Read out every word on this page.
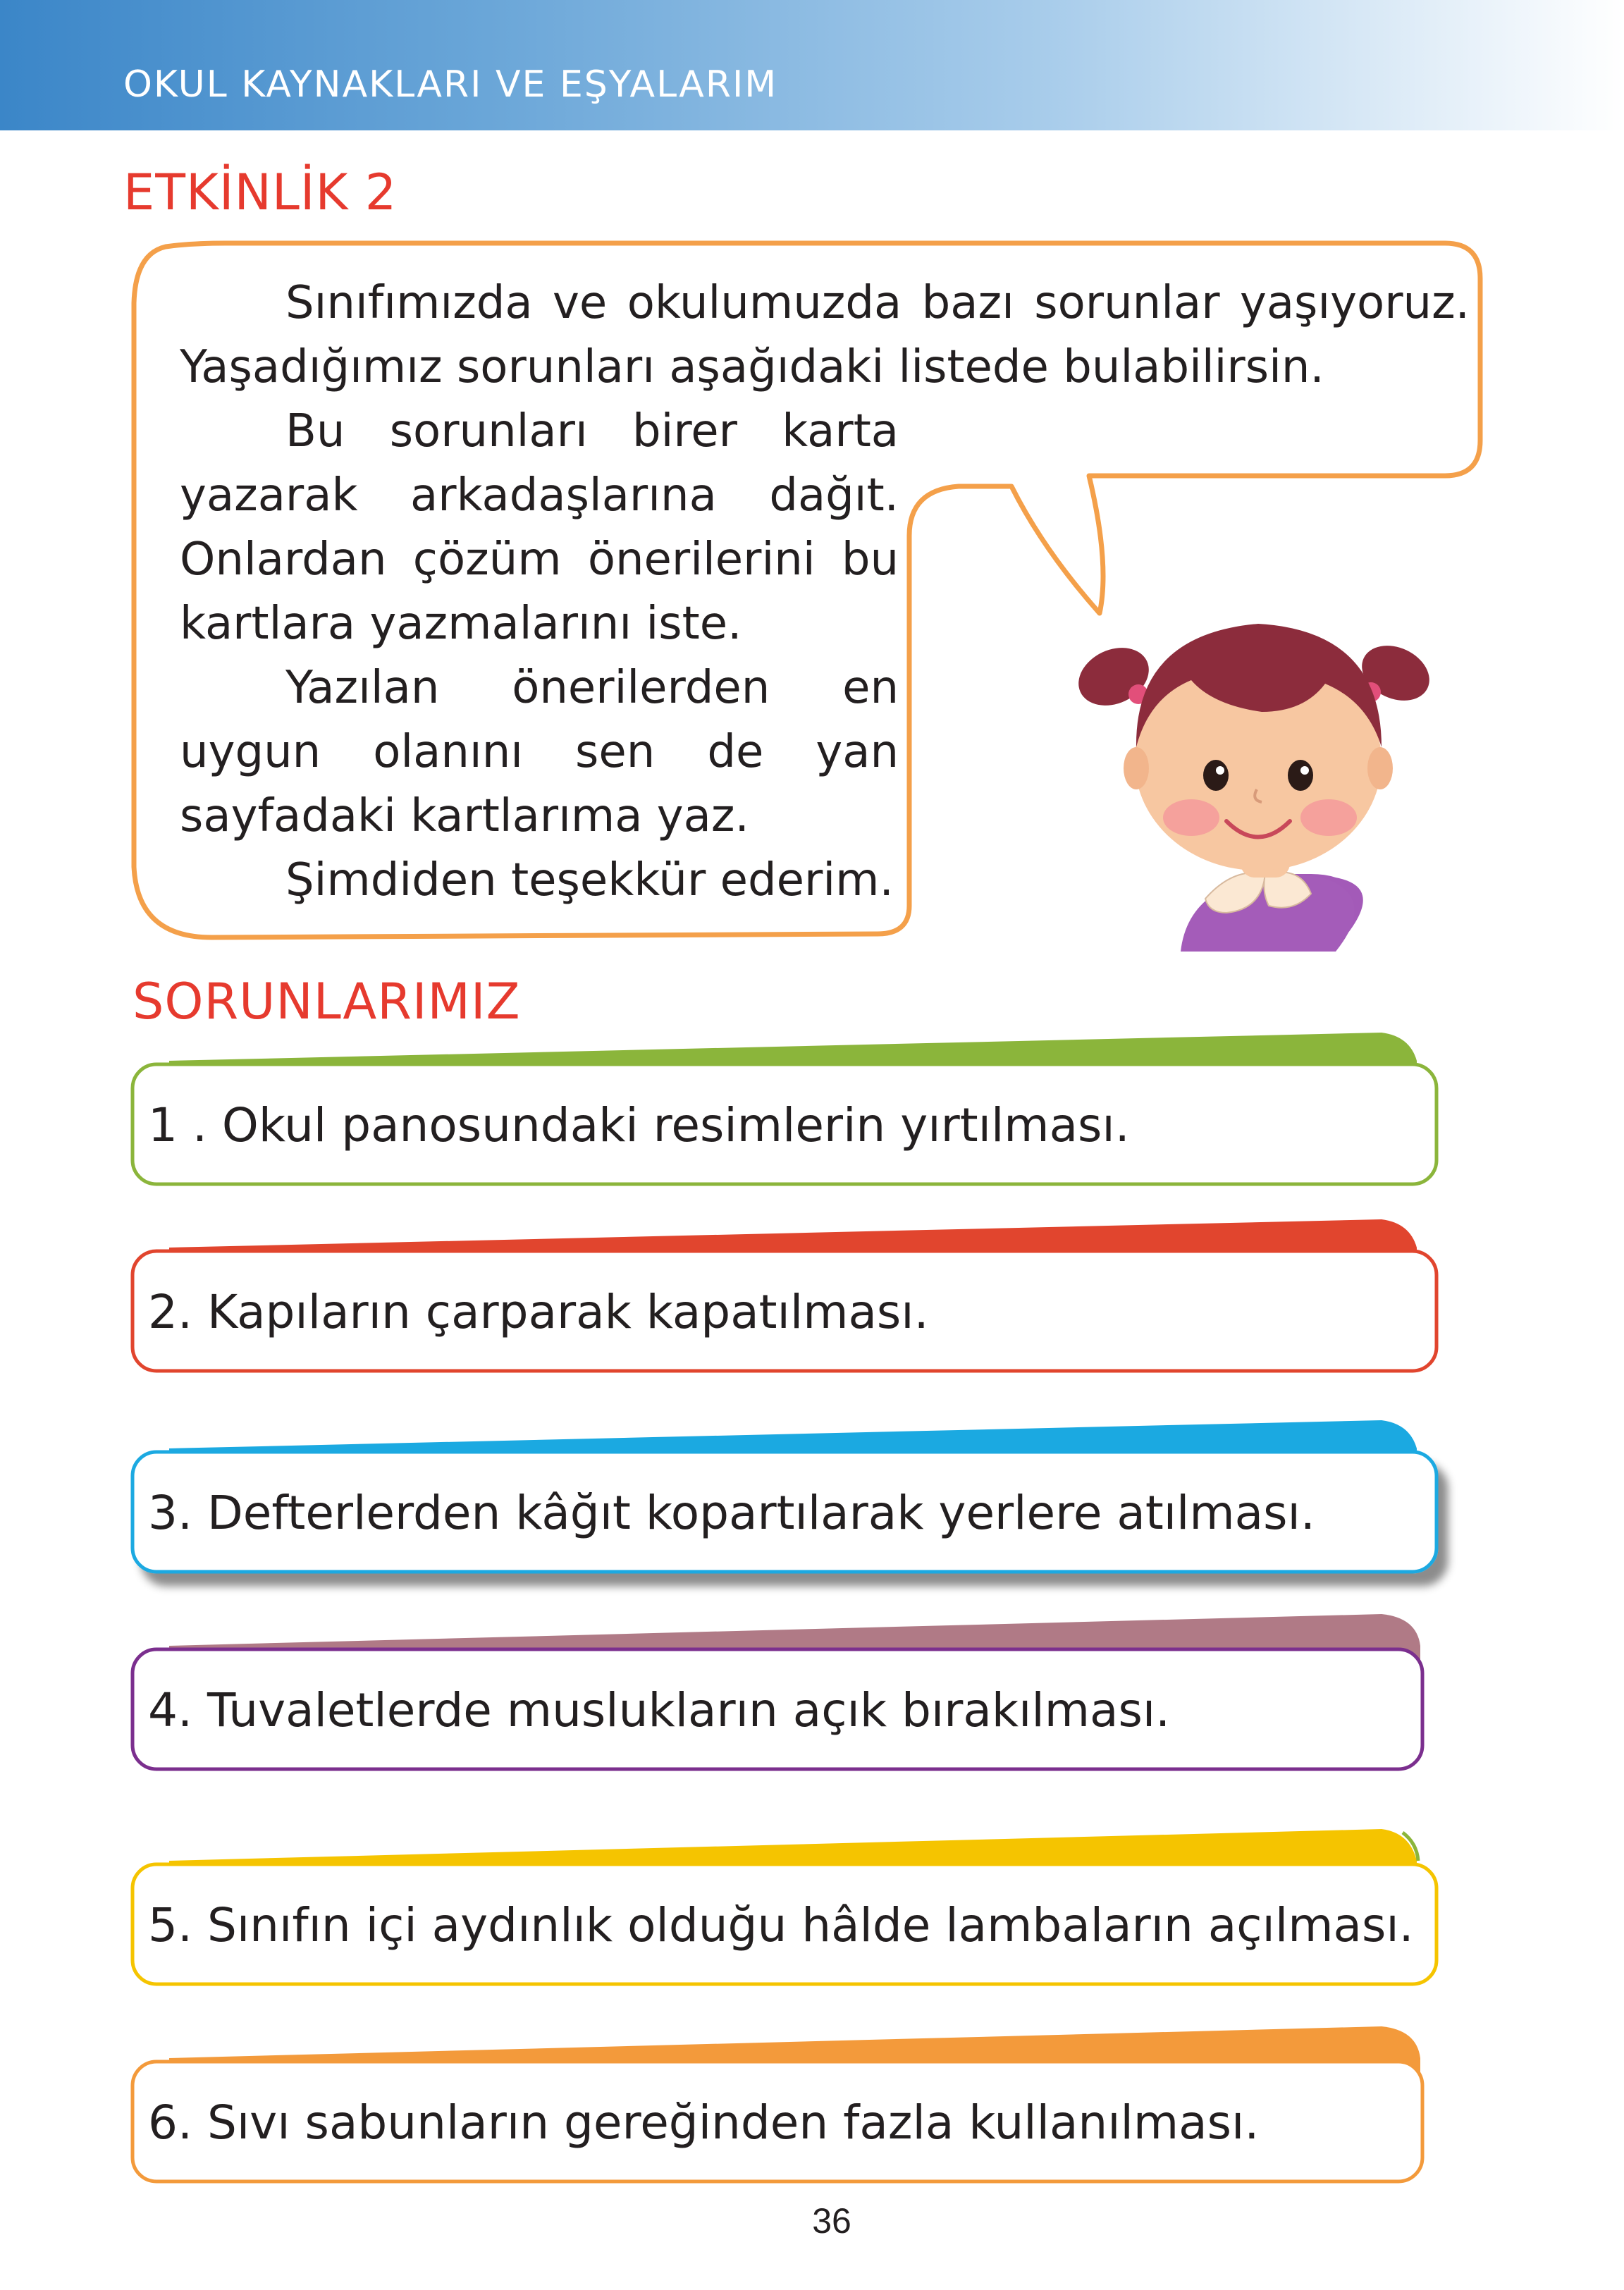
OKUL KAYNAKLARI VE EŞYALARIM
ETKİNLİK 2

Sınıfımızda ve okulumuzda bazı sorunlar yaşıyoruz. Yaşadığımız sorunları aşağıdaki listede bulabilirsin.

Bu sorunları birer karta yazarak arkadaşlarına dağıt. Onlardan çözüm önerilerini bu kartlara yazmalarını iste.

Yazılan önerilerden en uygun olanını sen de yan sayfadaki kartlarıma yaz.

Şimdiden teşekkür ederim.

SORUNLARIMIZ
1 . Okul panosundaki resimlerin yırtılması.
2. Kapıların çarparak kapatılması.
3. Defterlerden kâğıt kopartılarak yerlere atılması.
4. Tuvaletlerde muslukların açık bırakılması.
5. Sınıfın içi aydınlık olduğu hâlde lambaların açılması.
6. Sıvı sabunların gereğinden fazla kullanılması.
36
